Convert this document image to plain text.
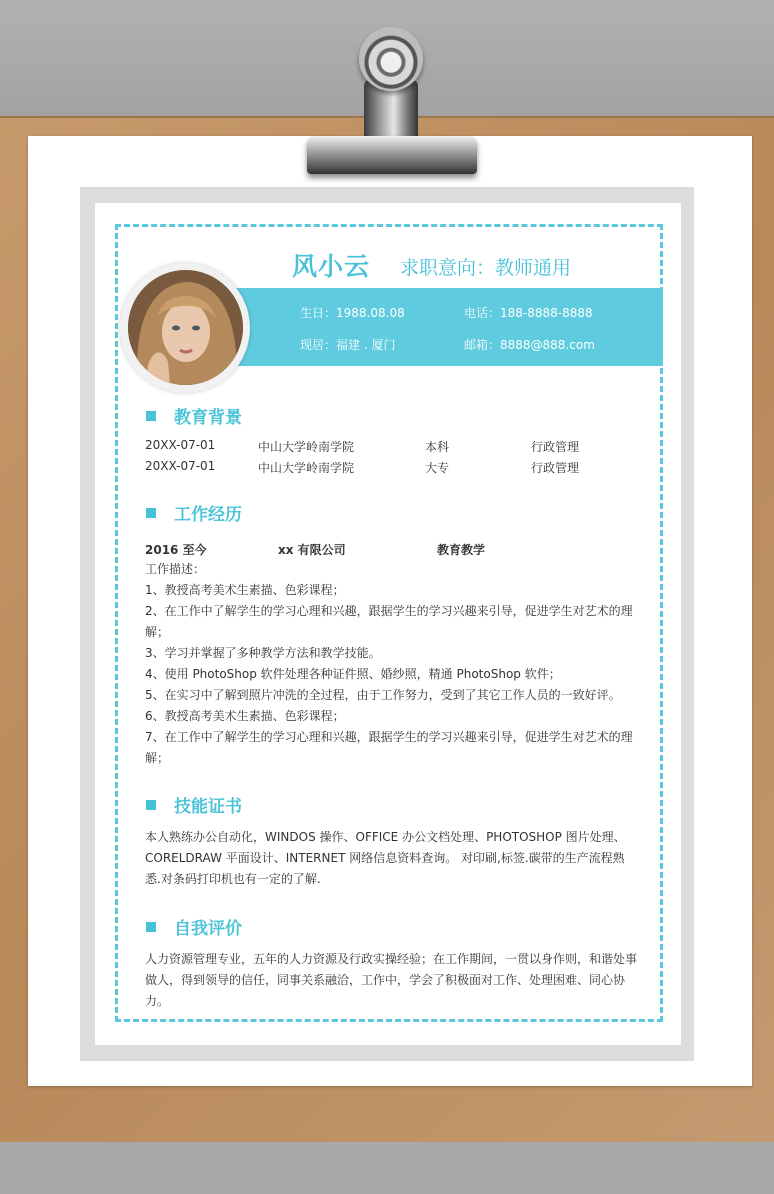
风小云 求职意向：教师通用
生日：1988.08.08	电话：188-8888-8888
现居：福建 . 厦门	邮箱：8888@888.com
教育背景
20XX-07-01	中山大学岭南学院	本科	行政管理
20XX-07-01	中山大学岭南学院	大专	行政管理
工作经历
2016 至今	xx 有限公司	教育教学
工作描述：
1、教授高考美术生素描、色彩课程；
2、在工作中了解学生的学习心理和兴趣，跟据学生的学习兴趣来引导，促进学生对艺术的理解；
3、学习并掌握了多种教学方法和教学技能。
4、使用 PhotoShop 软件处理各种证件照、婚纱照，精通 PhotoShop 软件；
5、在实习中了解到照片冲洗的全过程，由于工作努力，受到了其它工作人员的一致好评。
6、教授高考美术生素描、色彩课程；
7、在工作中了解学生的学习心理和兴趣，跟据学生的学习兴趣来引导，促进学生对艺术的理解；
技能证书
本人熟练办公自动化，WINDOS 操作、OFFICE 办公文档处理、PHOTOSHOP 图片处理、CORELDRAW 平面设计、INTERNET 网络信息资料查询。 对印刷,标签.碳带的生产流程熟悉.对条码打印机也有一定的了解.
自我评价
人力资源管理专业，五年的人力资源及行政实操经验；在工作期间，一贯以身作则，和谐处事做人，得到领导的信任，同事关系融洽，工作中，学会了积极面对工作、处理困难、同心协力。
